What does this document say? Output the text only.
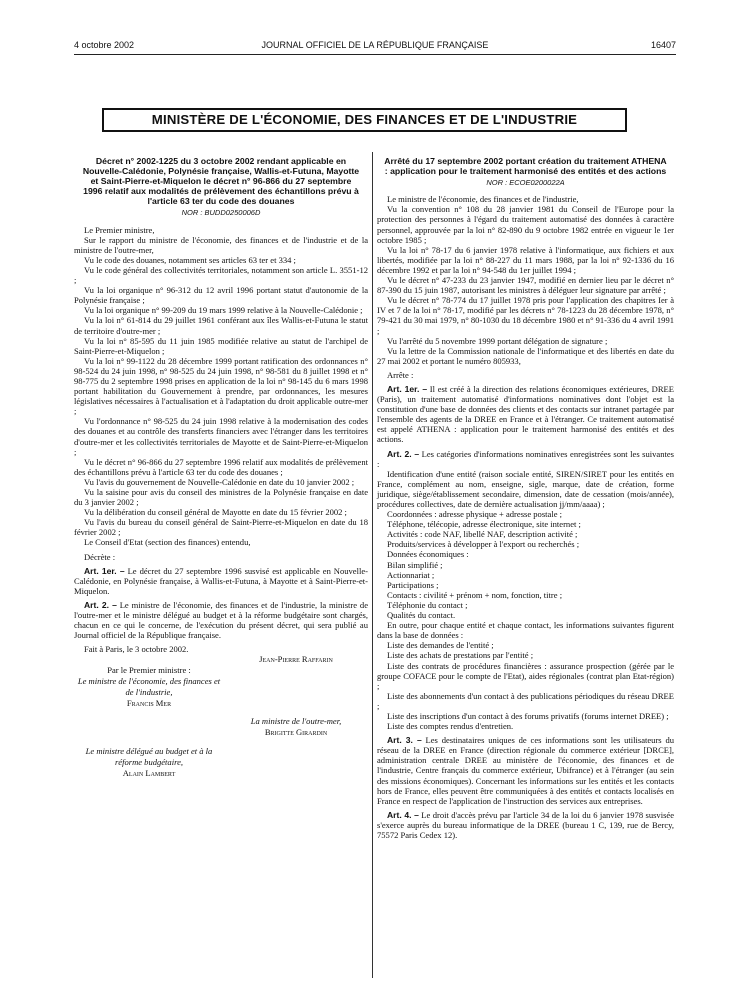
4 octobre 2002	JOURNAL OFFICIEL DE LA RÉPUBLIQUE FRANÇAISE	16407
MINISTÈRE DE L'ÉCONOMIE, DES FINANCES ET DE L'INDUSTRIE
Décret n° 2002-1225 du 3 octobre 2002 rendant applicable en Nouvelle-Calédonie, Polynésie française, Wallis-et-Futuna, Mayotte et Saint-Pierre-et-Miquelon le décret n° 96-866 du 27 septembre 1996 relatif aux modalités de prélèvement des échantillons prévu à l'article 63 ter du code des douanes
NOR : BUDD0250006D

Le Premier ministre,

Sur le rapport du ministre de l'économie, des finances et de l'industrie et de la ministre de l'outre-mer,

Vu le code des douanes, notamment ses articles 63 ter et 334 ;

Vu le code général des collectivités territoriales, notamment son article L. 3551-12 ;

Vu la loi organique n° 96-312 du 12 avril 1996 portant statut d'autonomie de la Polynésie française ;

Vu la loi organique n° 99-209 du 19 mars 1999 relative à la Nouvelle-Calédonie ;

Vu la loi n° 61-814 du 29 juillet 1961 conférant aux îles Wallis-et-Futuna le statut de territoire d'outre-mer ;

Vu la loi n° 85-595 du 11 juin 1985 modifiée relative au statut de l'archipel de Saint-Pierre-et-Miquelon ;

Vu la loi n° 99-1122 du 28 décembre 1999 portant ratification des ordonnances n° 98-524 du 24 juin 1998, n° 98-525 du 24 juin 1998, n° 98-581 du 8 juillet 1998 et n° 98-775 du 2 septembre 1998 prises en application de la loi n° 98-145 du 6 mars 1998 portant habilitation du Gouvernement à prendre, par ordonnances, les mesures législatives nécessaires à l'actualisation et à l'adaptation du droit applicable outre-mer ;

Vu l'ordonnance n° 98-525 du 24 juin 1998 relative à la modernisation des codes des douanes et au contrôle des transferts financiers avec l'étranger dans les territoires d'outre-mer et les collectivités territoriales de Mayotte et de Saint-Pierre-et-Miquelon ;

Vu le décret n° 96-866 du 27 septembre 1996 relatif aux modalités de prélèvement des échantillons prévu à l'article 63 ter du code des douanes ;

Vu l'avis du gouvernement de Nouvelle-Calédonie en date du 10 janvier 2002 ;

Vu la saisine pour avis du conseil des ministres de la Polynésie française en date du 3 janvier 2002 ;

Vu la délibération du conseil général de Mayotte en date du 15 février 2002 ;

Vu l'avis du bureau du conseil général de Saint-Pierre-et-Miquelon en date du 18 février 2002 ;

Le Conseil d'Etat (section des finances) entendu,

Décrète :

Art. 1er. – Le décret du 27 septembre 1996 susvisé est applicable en Nouvelle-Calédonie, en Polynésie française, à Wallis-et-Futuna, à Mayotte et à Saint-Pierre-et-Miquelon.

Art. 2. – Le ministre de l'économie, des finances et de l'industrie, la ministre de l'outre-mer et le ministre délégué au budget et à la réforme budgétaire sont chargés, chacun en ce qui le concerne, de l'exécution du présent décret, qui sera publié au Journal officiel de la République française.

Fait à Paris, le 3 octobre 2002.

Jean-Pierre Raffarin
Par le Premier ministre :
Le ministre de l'économie, des finances et de l'industrie,
Francis Mer
La ministre de l'outre-mer,
Brigitte Girardin
Le ministre délégué au budget et à la réforme budgétaire,
Alain Lambert
Arrêté du 17 septembre 2002 portant création du traitement ATHENA : application pour le traitement harmonisé des entités et des actions
NOR : ECOE0200022A

Le ministre de l'économie, des finances et de l'industrie,

Vu la convention n° 108 du 28 janvier 1981 du Conseil de l'Europe pour la protection des personnes à l'égard du traitement automatisé des données à caractère personnel, approuvée par la loi n° 82-890 du 9 octobre 1982 entrée en vigueur le 1er octobre 1985 ;

Vu la loi n° 78-17 du 6 janvier 1978 relative à l'informatique, aux fichiers et aux libertés, modifiée par la loi n° 88-227 du 11 mars 1988, par la loi n° 92-1336 du 16 décembre 1992 et par la loi n° 94-548 du 1er juillet 1994 ;

Vu le décret n° 47-233 du 23 janvier 1947, modifié en dernier lieu par le décret n° 87-390 du 15 juin 1987, autorisant les ministres à déléguer leur signature par arrêté ;

Vu le décret n° 78-774 du 17 juillet 1978 pris pour l'application des chapitres Ier à IV et 7 de la loi n° 78-17, modifié par les décrets n° 78-1223 du 28 décembre 1978, n° 79-421 du 30 mai 1979, n° 80-1030 du 18 décembre 1980 et n° 91-336 du 4 avril 1991 ;

Vu l'arrêté du 5 novembre 1999 portant délégation de signature ;

Vu la lettre de la Commission nationale de l'informatique et des libertés en date du 27 mai 2002 et portant le numéro 805933,

Arrête :

Art. 1er. – Il est créé à la direction des relations économiques extérieures, DREE (Paris), un traitement automatisé d'informations nominatives dont l'objet est la constitution d'une base de données des clients et des contacts sur intranet partagée par l'ensemble des agents de la DREE en France et à l'étranger. Ce traitement automatisé est appelé ATHENA : application pour le traitement harmonisé des entités et des actions.

Art. 2. – Les catégories d'informations nominatives enregistrées sont les suivantes :

Identification d'une entité (raison sociale entité, SIREN/SIRET pour les entités en France, complément au nom, enseigne, sigle, marque, date de création, forme juridique, siège/établissement secondaire, dimension, date de cessation (mois/année), procédures collectives, date de dernière actualisation jj/mm/aaaa) ;

Coordonnées : adresse physique + adresse postale ;

Téléphone, télécopie, adresse électronique, site internet ;

Activités : code NAF, libellé NAF, description activité ;

Produits/services à développer à l'export ou recherchés ;

Données économiques :

Bilan simplifié ;

Actionnariat ;

Participations ;

Contacts : civilité + prénom + nom, fonction, titre ;

Téléphonie du contact ;

Qualités du contact.

En outre, pour chaque entité et chaque contact, les informations suivantes figurent dans la base de données :

Liste des demandes de l'entité ;

Liste des achats de prestations par l'entité ;

Liste des contrats de procédures financières : assurance prospection (gérée par le groupe COFACE pour le compte de l'Etat), aides régionales (contrat plan Etat-région) ;

Liste des abonnements d'un contact à des publications périodiques du réseau DREE ;

Liste des inscriptions d'un contact à des forums privatifs (forums internet DREE) ;

Liste des comptes rendus d'entretien.

Art. 3. – Les destinataires uniques de ces informations sont les utilisateurs du réseau de la DREE en France (direction régionale du commerce extérieur [DRCE], administration centrale DREE au ministère de l'économie, des finances et de l'industrie, Centre français du commerce extérieur, Ubifrance) et à l'étranger (au sein des missions économiques). Concernant les informations sur les entités et les contacts hors de France, elles peuvent être communiquées à des entités et contacts localisés en France en respect de l'application de l'instruction des services aux entreprises.

Art. 4. – Le droit d'accès prévu par l'article 34 de la loi du 6 janvier 1978 susvisée s'exerce auprès du bureau informatique de la DREE (bureau 1 C, 139, rue de Bercy, 75572 Paris Cedex 12).
